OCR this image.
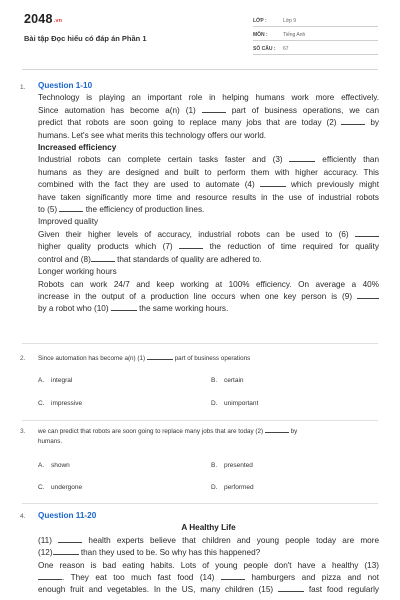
$2048_{.vn}$
Bài tập Đọc hiểu có đáp án Phần 1
LỚP :	Lớp 9
MÔN :	Tiếng Anh
SỐ CÂU : 67
1. Question 1-10
Technology is playing an important role in helping humans work more effectively.
Since automation has become a(n) (1)	part of business operations, we can
predict that robots are soon going to replace many jobs that are today (2)	by
humans. Let's see what merits this technology offers our world.
Increased efficiency
Industrial robots can complete certain tasks faster and (3)	efficiently than
humans as they are designed and built to perform them with higher accuracy. This
combined with the fact they are used to automate (4)	which previously might
have taken significantly more time and resource results in the use of industrial robots
to (5)	the efficiency of production lines.
Improved quality
Given their higher levels of accuracy, industrial robots can be used to (6)
higher quality products which (7)	the reduction of time required for quality
control and (8)	that standards of quality are adhered to.
Longer working hours
Robots can work 24/7 and keep working at 100% efficiency. On average a 40%
increase in the output of a production line occurs when one key person is (9)
by a robot who (10)	the same working hours.
2. Since automation has become a(n) (1)	part of business operations
A. integral	B. certain
C. impressive	D. unimportant
3. we can predict that robots are soon going to replace many jobs that are today (2)	by
humans.
A. shown	B. presented
C. undergone	D. performed
4. Question 11-20
A Healthy Life
(11)	health experts believe that children and young people today are more
(12)	than they used to be. So why has this happened?
One reason is bad eating habits. Lots of young people don't have a healthy (13)
. They eat too much fast food (14)	hamburgers and pizza and not
enough fruit and vegetables. In the US, many children (15)	fast food regularly
